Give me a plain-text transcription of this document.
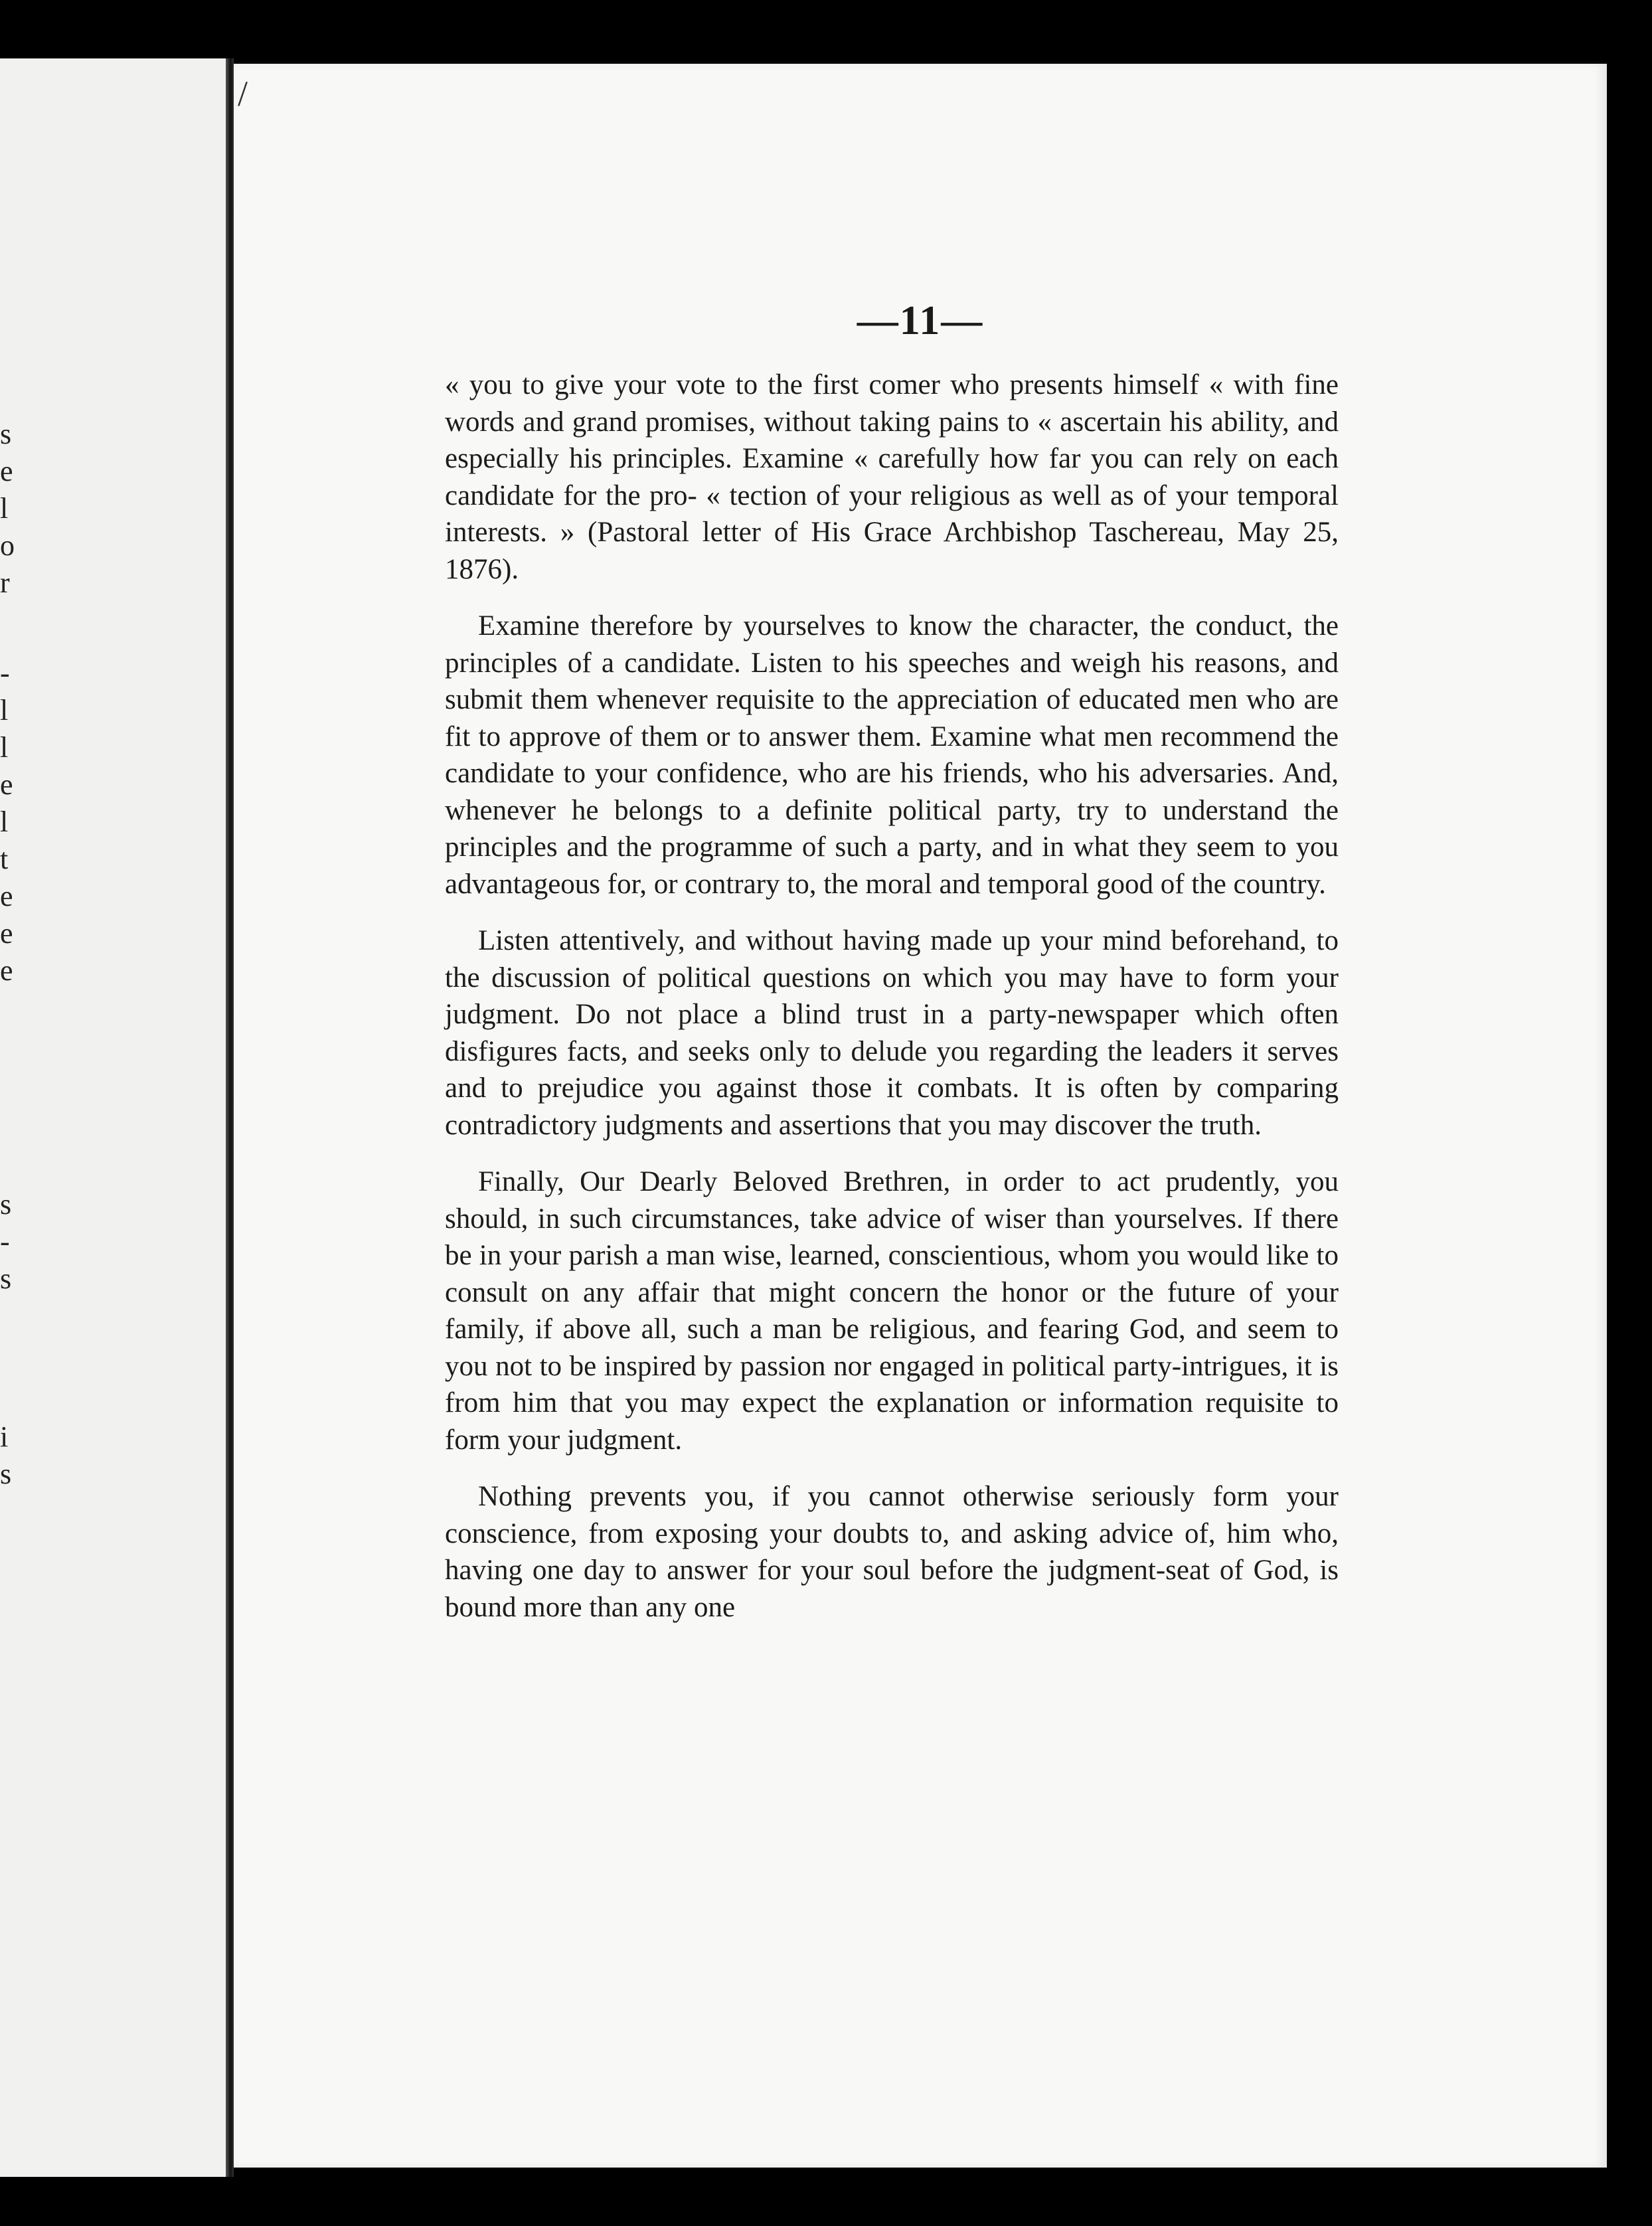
s
e
l
o
r
-
l
l
e
l
t
e
e
e
s
-
s
i
s
/
—11—

« you to give your vote to the first comer who presents himself « with fine words and grand promises, without taking pains to « ascertain his ability, and especially his principles. Examine « carefully how far you can rely on each candidate for the pro- « tection of your religious as well as of your temporal interests. » (Pastoral letter of His Grace Archbishop Taschereau, May 25, 1876).

Examine therefore by yourselves to know the character, the conduct, the principles of a candidate. Listen to his speeches and weigh his reasons, and submit them whenever requisite to the appreciation of educated men who are fit to approve of them or to answer them. Examine what men recommend the candidate to your confidence, who are his friends, who his adversaries. And, whenever he belongs to a definite political party, try to understand the principles and the programme of such a party, and in what they seem to you advantageous for, or contrary to, the moral and temporal good of the country.

Listen attentively, and without having made up your mind beforehand, to the discussion of political questions on which you may have to form your judgment. Do not place a blind trust in a party-newspaper which often disfigures facts, and seeks only to delude you regarding the leaders it serves and to prejudice you against those it combats. It is often by comparing contradictory judgments and assertions that you may discover the truth.

Finally, Our Dearly Beloved Brethren, in order to act prudently, you should, in such circumstances, take advice of wiser than yourselves. If there be in your parish a man wise, learned, conscientious, whom you would like to consult on any affair that might concern the honor or the future of your family, if above all, such a man be religious, and fearing God, and seem to you not to be inspired by passion nor engaged in political party-intrigues, it is from him that you may expect the explanation or information requisite to form your judgment.

Nothing prevents you, if you cannot otherwise seriously form your conscience, from exposing your doubts to, and asking advice of, him who, having one day to answer for your soul before the judgment-seat of God, is bound more than any one
